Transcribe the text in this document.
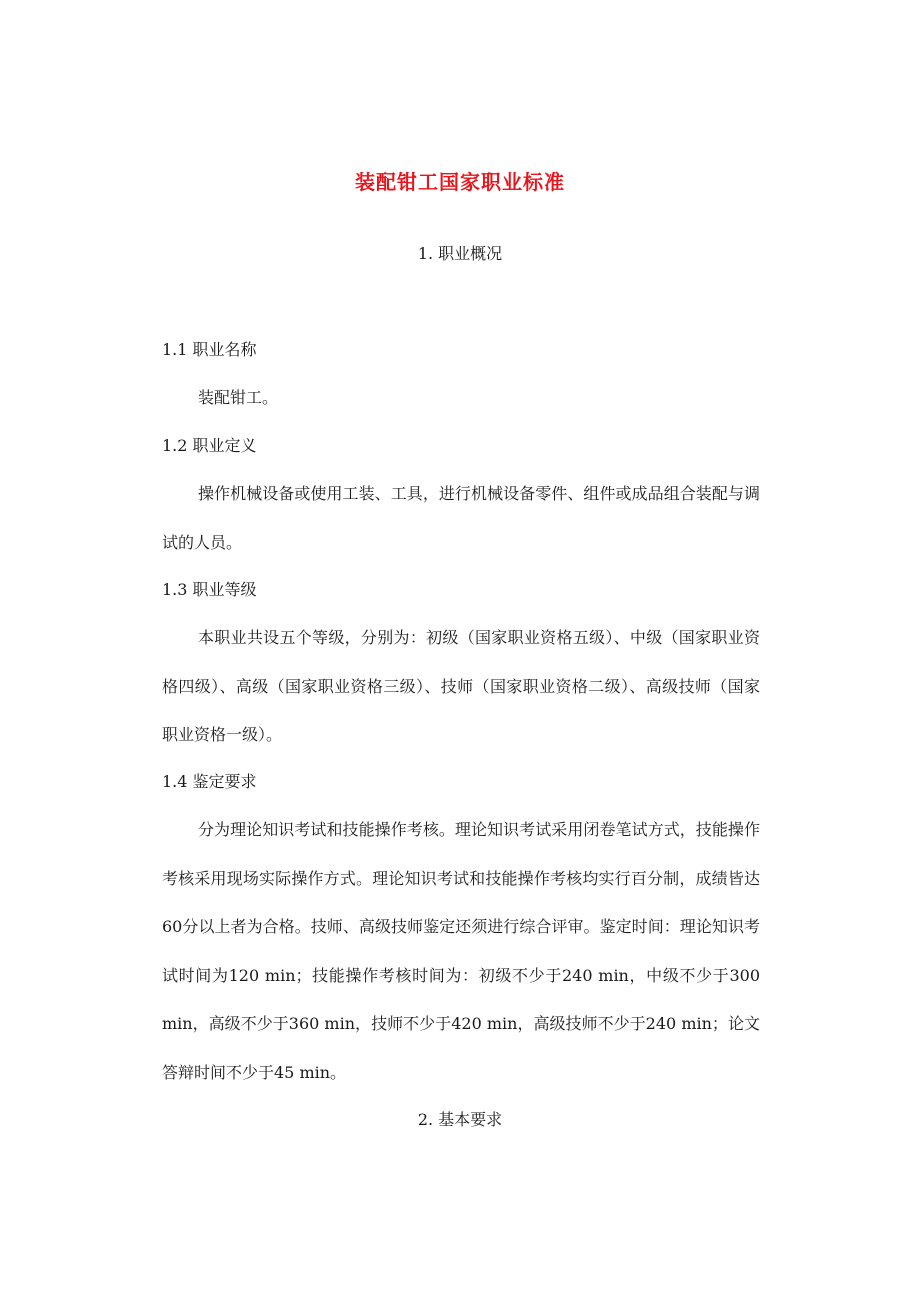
装配钳工国家职业标准
1. 职业概况
1.1 职业名称

装配钳工。

1.2 职业定义

操作机械设备或使用工装、工具，进行机械设备零件、组件或成品组合装配与调试的人员。

1.3 职业等级

本职业共设五个等级，分别为：初级（国家职业资格五级）、中级（国家职业资格四级）、高级（国家职业资格三级）、技师（国家职业资格二级）、高级技师（国家职业资格一级）。

1.4 鉴定要求

分为理论知识考试和技能操作考核。理论知识考试采用闭卷笔试方式，技能操作考核采用现场实际操作方式。理论知识考试和技能操作考核均实行百分制，成绩皆达60分以上者为合格。技师、高级技师鉴定还须进行综合评审。鉴定时间：理论知识考试时间为120 min；技能操作考核时间为：初级不少于240 min，中级不少于300 min，高级不少于360 min，技师不少于420 min，高级技师不少于240 min；论文答辩时间不少于45 min。

2. 基本要求
